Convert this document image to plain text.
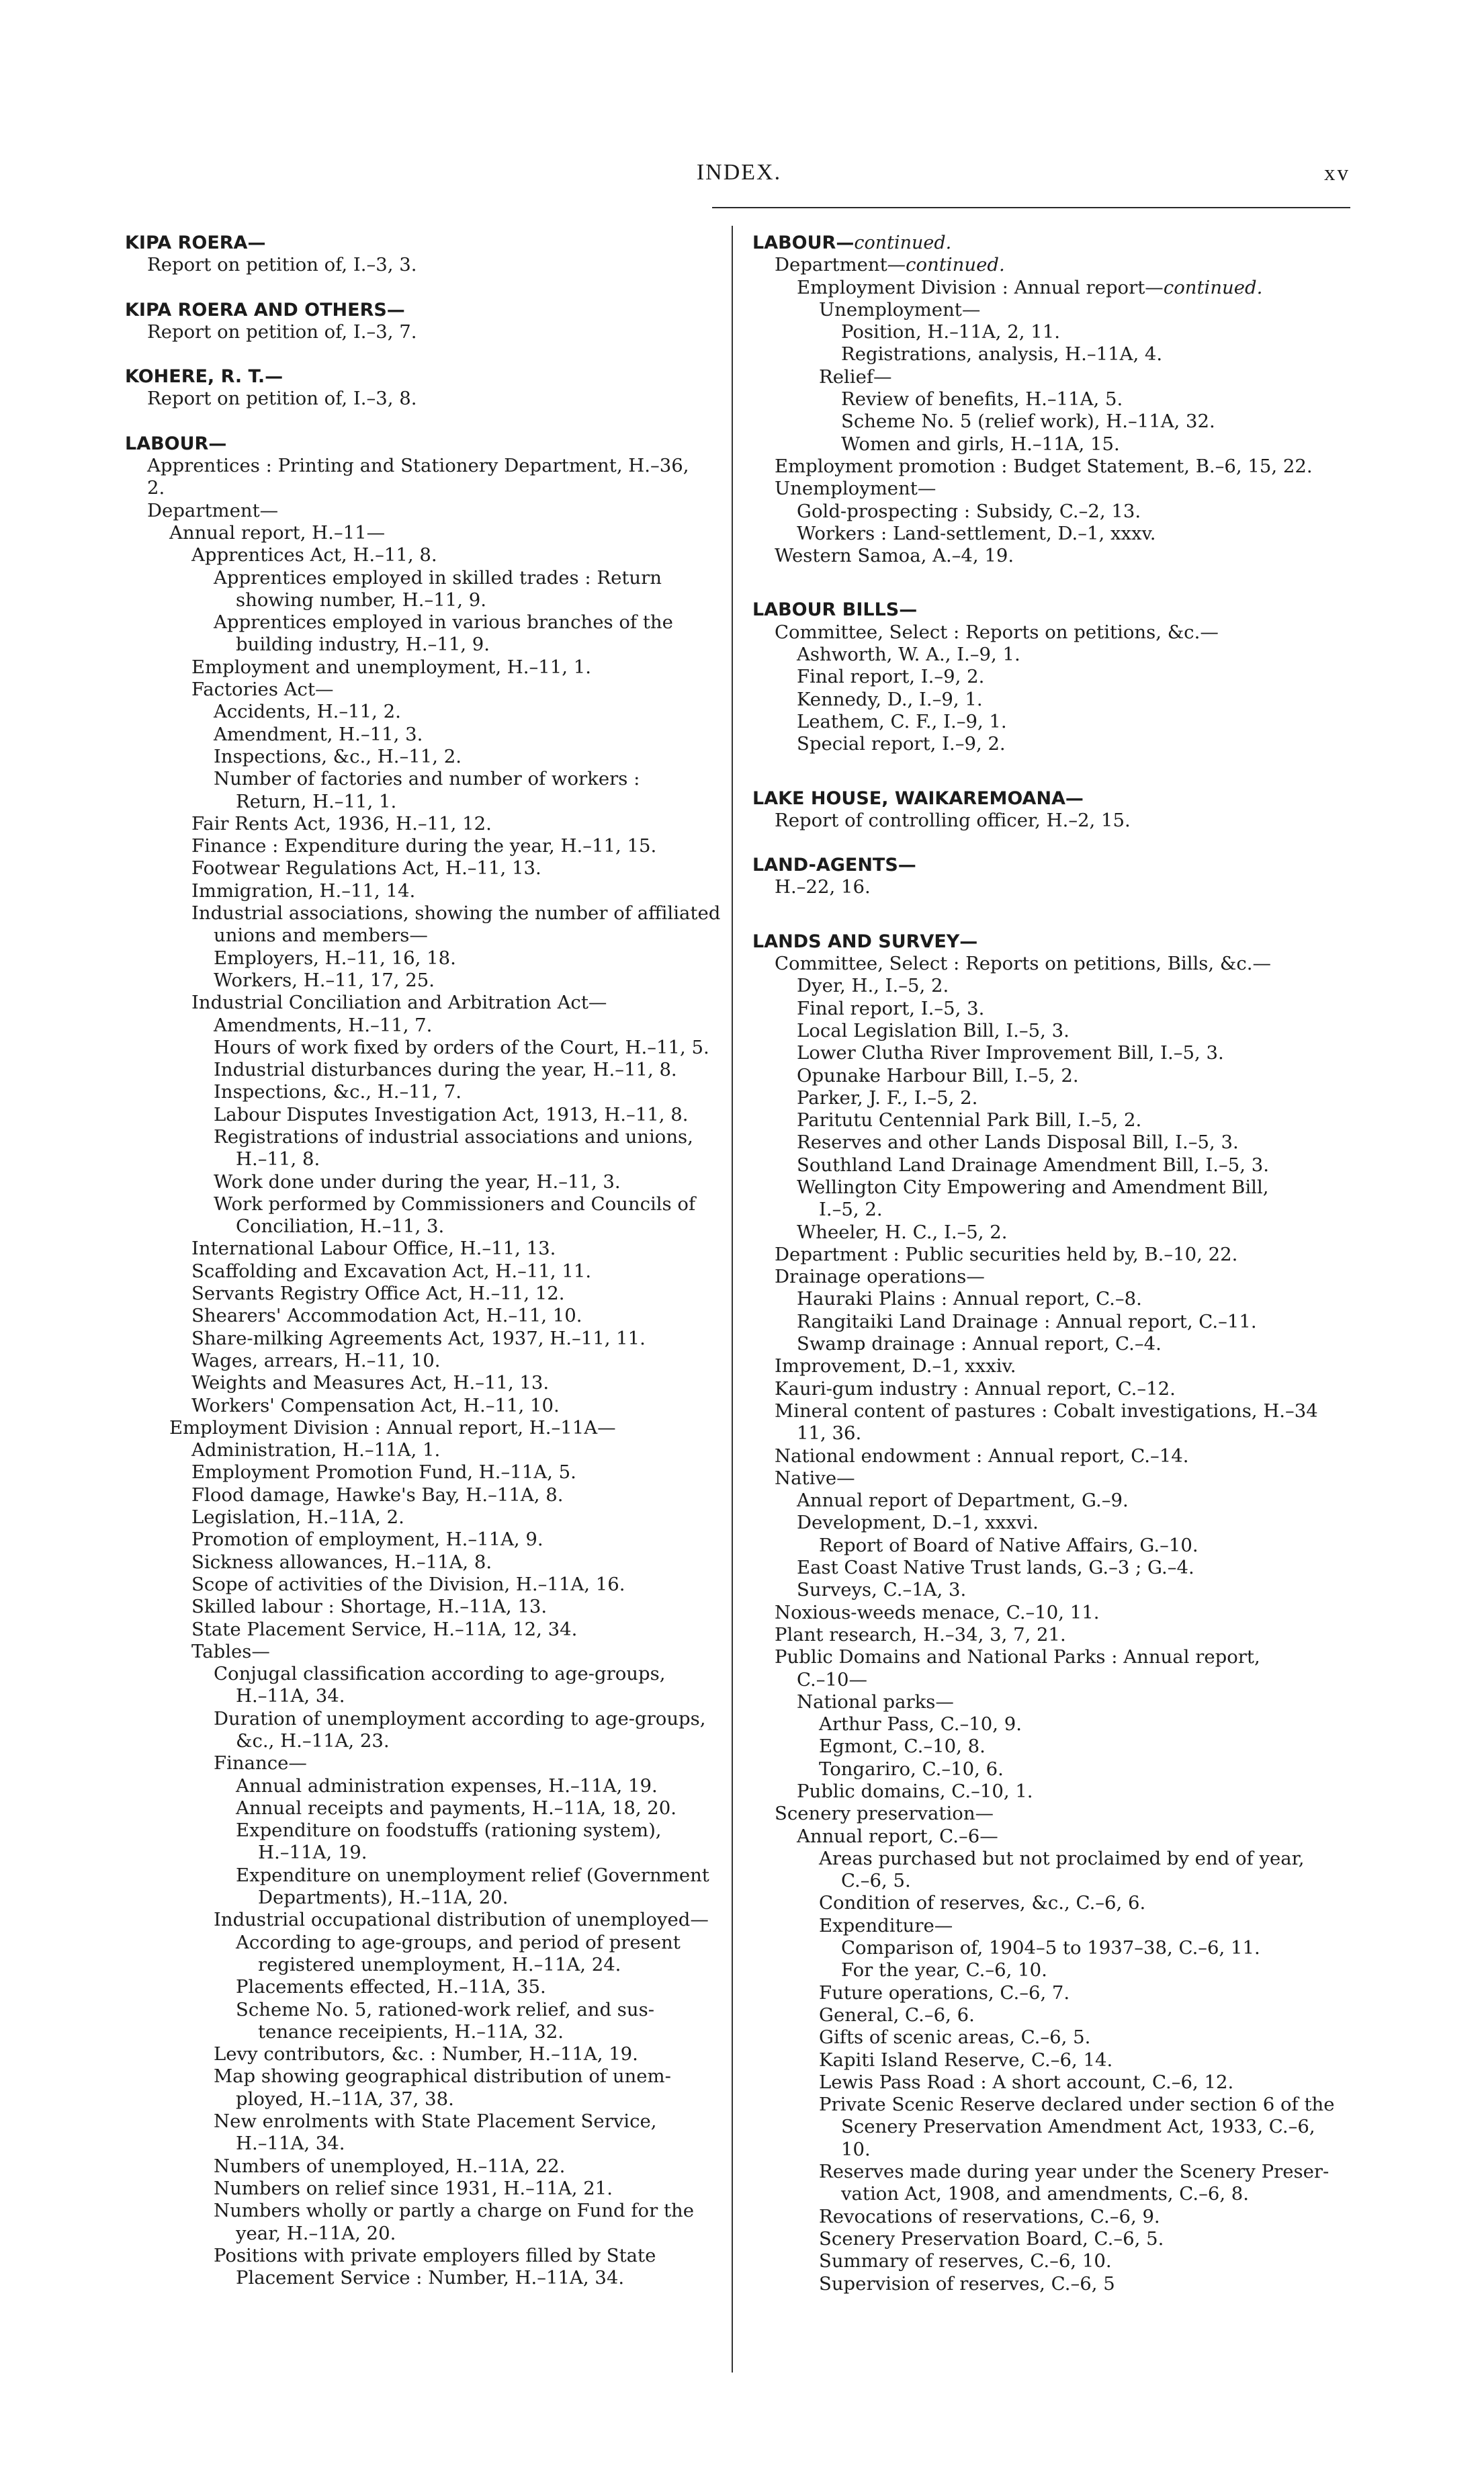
INDEX.	xv
KIPA ROERA—
Report on petition of, I.–3, 3.
KIPA ROERA AND OTHERS—
Report on petition of, I.–3, 7.
KOHERE, R. T.—
Report on petition of, I.–3, 8.
LABOUR—
Apprentices : Printing and Stationery Department, H.–36,
2.
Department—
Annual report, H.–11—
Apprentices Act, H.–11, 8.
Apprentices employed in skilled trades : Return
showing number, H.–11, 9.
Apprentices employed in various branches of the
building industry, H.–11, 9.
Employment and unemployment, H.–11, 1.
Factories Act—
Accidents, H.–11, 2.
Amendment, H.–11, 3.
Inspections, &c., H.–11, 2.
Number of factories and number of workers :
Return, H.–11, 1.
Fair Rents Act, 1936, H.–11, 12.
Finance : Expenditure during the year, H.–11, 15.
Footwear Regulations Act, H.–11, 13.
Immigration, H.–11, 14.
Industrial associations, showing the number of affiliated
unions and members—
Employers, H.–11, 16, 18.
Workers, H.–11, 17, 25.
Industrial Conciliation and Arbitration Act—
Amendments, H.–11, 7.
Hours of work fixed by orders of the Court, H.–11, 5.
Industrial disturbances during the year, H.–11, 8.
Inspections, &c., H.–11, 7.
Labour Disputes Investigation Act, 1913, H.–11, 8.
Registrations of industrial associations and unions,
H.–11, 8.
Work done under during the year, H.–11, 3.
Work performed by Commissioners and Councils of
Conciliation, H.–11, 3.
International Labour Office, H.–11, 13.
Scaffolding and Excavation Act, H.–11, 11.
Servants Registry Office Act, H.–11, 12.
Shearers' Accommodation Act, H.–11, 10.
Share-milking Agreements Act, 1937, H.–11, 11.
Wages, arrears, H.–11, 10.
Weights and Measures Act, H.–11, 13.
Workers' Compensation Act, H.–11, 10.
Employment Division : Annual report, H.–11A—
Administration, H.–11A, 1.
Employment Promotion Fund, H.–11A, 5.
Flood damage, Hawke's Bay, H.–11A, 8.
Legislation, H.–11A, 2.
Promotion of employment, H.–11A, 9.
Sickness allowances, H.–11A, 8.
Scope of activities of the Division, H.–11A, 16.
Skilled labour : Shortage, H.–11A, 13.
State Placement Service, H.–11A, 12, 34.
Tables—
Conjugal classification according to age-groups,
H.–11A, 34.
Duration of unemployment according to age-groups,
&c., H.–11A, 23.
Finance—
Annual administration expenses, H.–11A, 19.
Annual receipts and payments, H.–11A, 18, 20.
Expenditure on foodstuffs (rationing system),
H.–11A, 19.
Expenditure on unemployment relief (Government
Departments), H.–11A, 20.
Industrial occupational distribution of unemployed—
According to age-groups, and period of present
registered unemployment, H.–11A, 24.
Placements effected, H.–11A, 35.
Scheme No. 5, rationed-work relief, and sus-
tenance receipients, H.–11A, 32.
Levy contributors, &c. : Number, H.–11A, 19.
Map showing geographical distribution of unem-
ployed, H.–11A, 37, 38.
New enrolments with State Placement Service,
H.–11A, 34.
Numbers of unemployed, H.–11A, 22.
Numbers on relief since 1931, H.–11A, 21.
Numbers wholly or partly a charge on Fund for the
year, H.–11A, 20.
Positions with private employers filled by State
Placement Service : Number, H.–11A, 34.
LABOUR—continued.
Department—continued.
Employment Division : Annual report—continued.
Unemployment—
Position, H.–11A, 2, 11.
Registrations, analysis, H.–11A, 4.
Relief—
Review of benefits, H.–11A, 5.
Scheme No. 5 (relief work), H.–11A, 32.
Women and girls, H.–11A, 15.
Employment promotion : Budget Statement, B.–6, 15, 22.
Unemployment—
Gold-prospecting : Subsidy, C.–2, 13.
Workers : Land-settlement, D.–1, xxxv.
Western Samoa, A.–4, 19.
LABOUR BILLS—
Committee, Select : Reports on petitions, &c.—
Ashworth, W. A., I.–9, 1.
Final report, I.–9, 2.
Kennedy, D., I.–9, 1.
Leathem, C. F., I.–9, 1.
Special report, I.–9, 2.
LAKE HOUSE, WAIKAREMOANA—
Report of controlling officer, H.–2, 15.
LAND-AGENTS—
H.–22, 16.
LANDS AND SURVEY—
Committee, Select : Reports on petitions, Bills, &c.—
Dyer, H., I.–5, 2.
Final report, I.–5, 3.
Local Legislation Bill, I.–5, 3.
Lower Clutha River Improvement Bill, I.–5, 3.
Opunake Harbour Bill, I.–5, 2.
Parker, J. F., I.–5, 2.
Paritutu Centennial Park Bill, I.–5, 2.
Reserves and other Lands Disposal Bill, I.–5, 3.
Southland Land Drainage Amendment Bill, I.–5, 3.
Wellington City Empowering and Amendment Bill,
I.–5, 2.
Wheeler, H. C., I.–5, 2.
Department : Public securities held by, B.–10, 22.
Drainage operations—
Hauraki Plains : Annual report, C.–8.
Rangitaiki Land Drainage : Annual report, C.–11.
Swamp drainage : Annual report, C.–4.
Improvement, D.–1, xxxiv.
Kauri-gum industry : Annual report, C.–12.
Mineral content of pastures : Cobalt investigations, H.–34
11, 36.
National endowment : Annual report, C.–14.
Native—
Annual report of Department, G.–9.
Development, D.–1, xxxvi.
Report of Board of Native Affairs, G.–10.
East Coast Native Trust lands, G.–3 ; G.–4.
Surveys, C.–1A, 3.
Noxious-weeds menace, C.–10, 11.
Plant research, H.–34, 3, 7, 21.
Public Domains and National Parks : Annual report,
C.–10—
National parks—
Arthur Pass, C.–10, 9.
Egmont, C.–10, 8.
Tongariro, C.–10, 6.
Public domains, C.–10, 1.
Scenery preservation—
Annual report, C.–6—
Areas purchased but not proclaimed by end of year,
C.–6, 5.
Condition of reserves, &c., C.–6, 6.
Expenditure—
Comparison of, 1904–5 to 1937–38, C.–6, 11.
For the year, C.–6, 10.
Future operations, C.–6, 7.
General, C.–6, 6.
Gifts of scenic areas, C.–6, 5.
Kapiti Island Reserve, C.–6, 14.
Lewis Pass Road : A short account, C.–6, 12.
Private Scenic Reserve declared under section 6 of the
Scenery Preservation Amendment Act, 1933, C.–6,
10.
Reserves made during year under the Scenery Preser-
vation Act, 1908, and amendments, C.–6, 8.
Revocations of reservations, C.–6, 9.
Scenery Preservation Board, C.–6, 5.
Summary of reserves, C.–6, 10.
Supervision of reserves, C.–6, 5
